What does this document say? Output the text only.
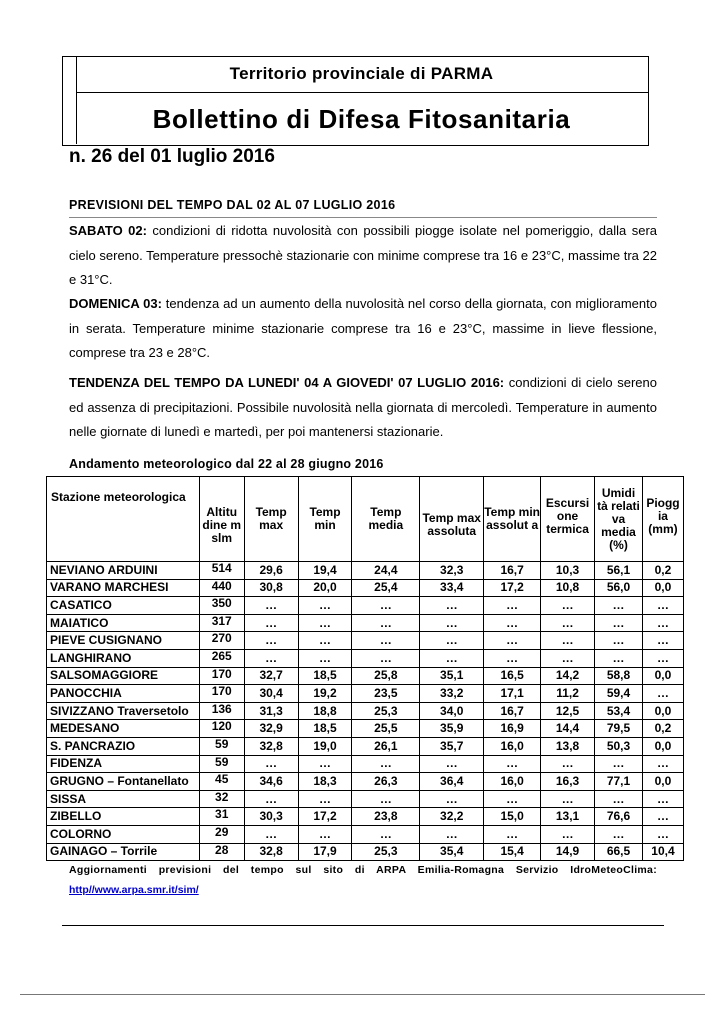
Territorio provinciale di PARMA
Bollettino di Difesa Fitosanitaria
n. 26 del 01 luglio 2016
PREVISIONI DEL TEMPO DAL 02 AL 07 LUGLIO 2016
SABATO 02: condizioni di ridotta nuvolosità con possibili piogge isolate nel pomeriggio, dalla sera cielo sereno. Temperature pressochè stazionarie con minime comprese tra 16 e 23°C, massime tra 22 e 31°C.
DOMENICA 03: tendenza ad un aumento della nuvolosità nel corso della giornata, con miglioramento in serata. Temperature minime stazionarie comprese tra 16 e 23°C, massime in lieve flessione, comprese tra 23 e 28°C.
TENDENZA DEL TEMPO DA LUNEDI' 04 A GIOVEDI' 07 LUGLIO 2016: condizioni di cielo sereno ed assenza di precipitazioni. Possibile nuvolosità nella giornata di mercoledì. Temperature in aumento nelle giornate di lunedì e martedì, per poi mantenersi stazionarie.
Andamento meteorologico dal 22 al 28 giugno 2016
Stazione meteorologica	Altitu dine m slm	Temp max	Temp min	Temp media	Temp max assoluta	Temp min assolut a	Escursi one termica	Umidi tà relati va media (%)	Piogg ia (mm)
NEVIANO ARDUINI	514	29,6	19,4	24,4	32,3	16,7	10,3	56,1	0,2
VARANO MARCHESI	440	30,8	20,0	25,4	33,4	17,2	10,8	56,0	0,0
CASATICO	350	…	…	…	…	…	…	…	…
MAIATICO	317	…	…	…	…	…	…	…	…
PIEVE CUSIGNANO	270	…	…	…	…	…	…	…	…
LANGHIRANO	265	…	…	…	…	…	…	…	…
SALSOMAGGIORE	170	32,7	18,5	25,8	35,1	16,5	14,2	58,8	0,0
PANOCCHIA	170	30,4	19,2	23,5	33,2	17,1	11,2	59,4	…
SIVIZZANO Traversetolo	136	31,3	18,8	25,3	34,0	16,7	12,5	53,4	0,0
MEDESANO	120	32,9	18,5	25,5	35,9	16,9	14,4	79,5	0,2
S. PANCRAZIO	59	32,8	19,0	26,1	35,7	16,0	13,8	50,3	0,0
FIDENZA	59	…	…	…	…	…	…	…	…
GRUGNO – Fontanellato	45	34,6	18,3	26,3	36,4	16,0	16,3	77,1	0,0
SISSA	32	…	…	…	…	…	…	…	…
ZIBELLO	31	30,3	17,2	23,8	32,2	15,0	13,1	76,6	…
COLORNO	29	…	…	…	…	…	…	…	…
GAINAGO – Torrile	28	32,8	17,9	25,3	35,4	15,4	14,9	66,5	10,4
Aggiornamenti previsioni del tempo sul sito di ARPA Emilia-Romagna Servizio IdroMeteoClima:
http//www.arpa.smr.it/sim/
